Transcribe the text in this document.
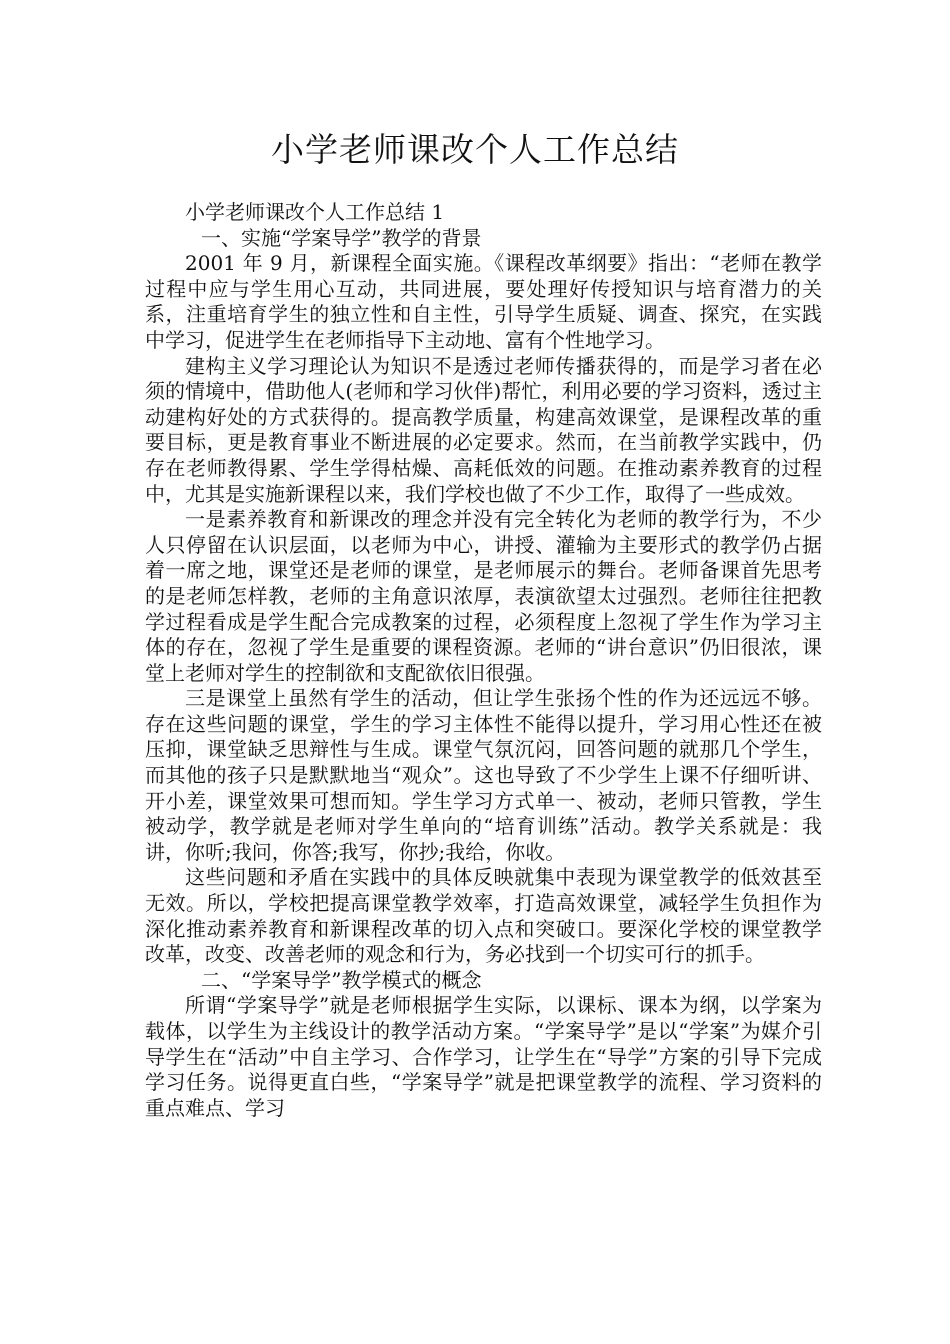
小学老师课改个人工作总结

小学老师课改个人工作总结 1

一、实施“学案导学”教学的背景

2001 年 9 月，新课程全面实施。《课程改革纲要》指出：“老师在教学过程中应与学生用心互动，共同进展，要处理好传授知识与培育潜力的关系，注重培育学生的独立性和自主性，引导学生质疑、调查、探究，在实践中学习，促进学生在老师指导下主动地、富有个性地学习。

建构主义学习理论认为知识不是透过老师传播获得的，而是学习者在必须的情境中，借助他人(老师和学习伙伴)帮忙，利用必要的学习资料，透过主动建构好处的方式获得的。提高教学质量，构建高效课堂，是课程改革的重要目标，更是教育事业不断进展的必定要求。然而，在当前教学实践中，仍存在老师教得累、学生学得枯燥、高耗低效的问题。在推动素养教育的过程中，尤其是实施新课程以来，我们学校也做了不少工作，取得了一些成效。

一是素养教育和新课改的理念并没有完全转化为老师的教学行为，不少人只停留在认识层面，以老师为中心，讲授、灌输为主要形式的教学仍占据着一席之地，课堂还是老师的课堂，是老师展示的舞台。老师备课首先思考的是老师怎样教，老师的主角意识浓厚，表演欲望太过强烈。老师往往把教学过程看成是学生配合完成教案的过程，必须程度上忽视了学生作为学习主体的存在，忽视了学生是重要的课程资源。老师的“讲台意识”仍旧很浓，课堂上老师对学生的控制欲和支配欲依旧很强。

三是课堂上虽然有学生的活动，但让学生张扬个性的作为还远远不够。存在这些问题的课堂，学生的学习主体性不能得以提升，学习用心性还在被压抑，课堂缺乏思辩性与生成。课堂气氛沉闷，回答问题的就那几个学生，而其他的孩子只是默默地当“观众”。这也导致了不少学生上课不仔细听讲、开小差，课堂效果可想而知。学生学习方式单一、被动，老师只管教，学生被动学，教学就是老师对学生单向的“培育训练”活动。教学关系就是：我讲，你听;我问，你答;我写，你抄;我给，你收。

这些问题和矛盾在实践中的具体反映就集中表现为课堂教学的低效甚至无效。所以，学校把提高课堂教学效率，打造高效课堂，减轻学生负担作为深化推动素养教育和新课程改革的切入点和突破口。要深化学校的课堂教学改革，改变、改善老师的观念和行为，务必找到一个切实可行的抓手。

二、“学案导学”教学模式的概念

所谓“学案导学”就是老师根据学生实际，以课标、课本为纲，以学案为载体，以学生为主线设计的教学活动方案。“学案导学”是以“学案”为媒介引导学生在“活动”中自主学习、合作学习，让学生在“导学”方案的引导下完成学习任务。说得更直白些，“学案导学”就是把课堂教学的流程、学习资料的重点难点、学习
